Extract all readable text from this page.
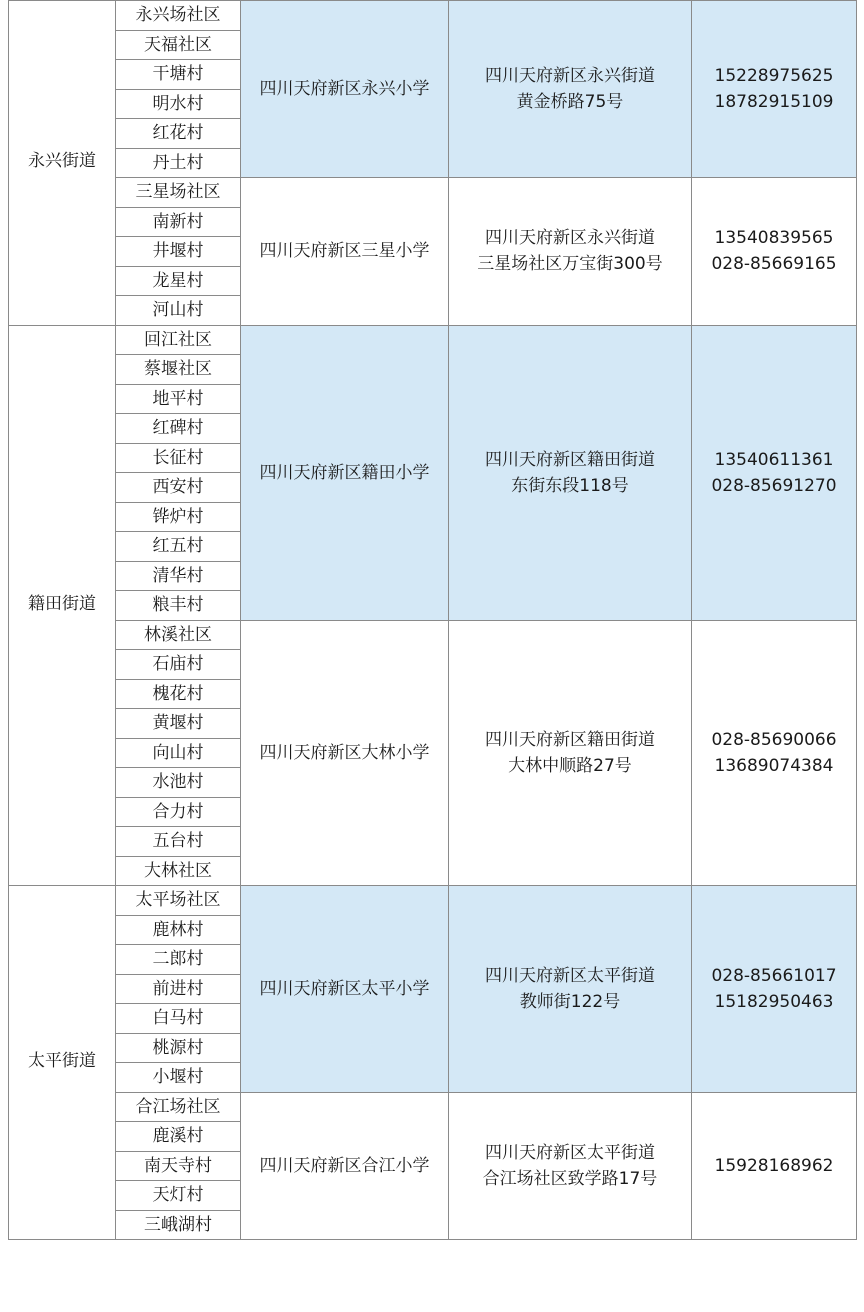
永兴街道	永兴场社区	四川天府新区永兴小学	四川天府新区永兴街道
黄金桥路75号	15228975625
18782915109

	天福社区			
	干塘村			
	明水村			
	红花村			
	丹土村			
	三星场社区	四川天府新区三星小学	四川天府新区永兴街道
三星场社区万宝街300号	13540839565
028-85669165

	南新村			
	井堰村			
	龙星村			
	河山村			
籍田街道	回江社区	四川天府新区籍田小学	四川天府新区籍田街道
东街东段118号	13540611361
028-85691270

	蔡堰社区			
	地平村			
	红碑村			
	长征村			
	西安村			
	铧炉村			
	红五村			
	清华村			
	粮丰村			
	林溪社区	四川天府新区大林小学	四川天府新区籍田街道
大林中顺路27号	028-85690066
13689074384

	石庙村			
	槐花村			
	黄堰村			
	向山村			
	水池村			
	合力村			
	五台村			
	大林社区			
太平街道	太平场社区	四川天府新区太平小学	四川天府新区太平街道
教师街122号	028-85661017
15182950463

	鹿林村			
	二郎村			
	前进村			
	白马村			
	桃源村			
	小堰村			
	合江场社区	四川天府新区合江小学	四川天府新区太平街道
合江场社区致学路17号	15928168962

	鹿溪村			
	南天寺村			
	天灯村			
	三峨湖村			
